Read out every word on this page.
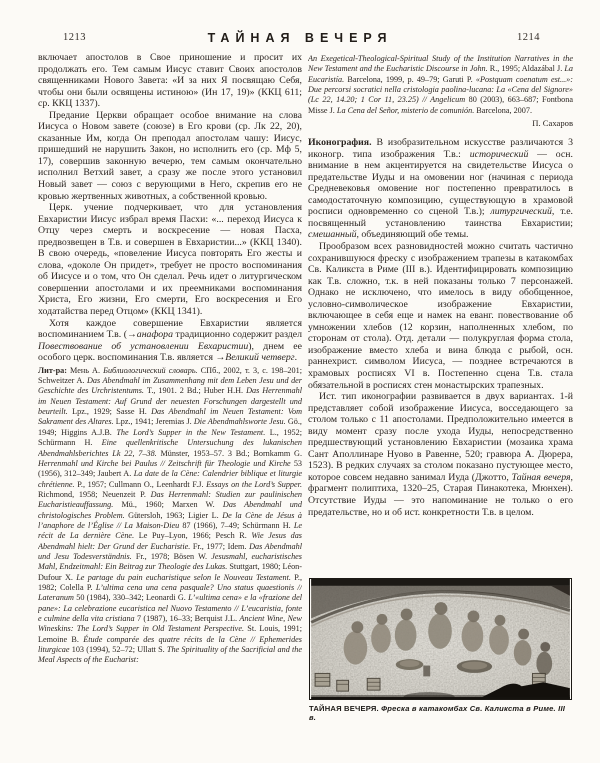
1213	ТАЙНАЯ ВЕЧЕРЯ	1214

включает апостолов в Свое приношение и просит их продолжать его. Тем самым Иисус ставит Своих апостолов священниками Нового Завета: «И за них Я посвящаю Себя, чтобы они были освящены истиною» (Ин 17, 19)» (ККЦ 611; ср. ККЦ 1337).

Предание Церкви обращает особое внимание на слова Иисуса о Новом завете (союзе) в Его крови (ср. Лк 22, 20), сказанные Им, когда Он преподал апостолам чашу: Иисус, пришедший не нарушить Закон, но исполнить его (ср. Мф 5, 17), совершив законную вечерю, тем самым окончательно исполнил Ветхий завет, а сразу же после этого установил Новый завет — союз с верующими в Него, скрепив его не кровью жертвенных животных, а собственной кровью.

Церк. учение подчеркивает, что для установления Евхаристии Иисус избрал время Пасхи: «... переход Иисуса к Отцу через смерть и воскресение — новая Пасха, предвозвещен в Т.в. и совершен в Евхаристии...» (ККЦ 1340). В свою очередь, «повеление Иисуса повторять Его жесты и слова, «доколе Он придет», требует не просто воспоминания об Иисусе и о том, что Он сделал. Речь идет о литургическом совершении апостолами и их преемниками воспоминания Христа, Его жизни, Его смерти, Его воскресения и Его ходатайства перед Отцом» (ККЦ 1341).

Хотя каждое совершение Евхаристии является воспоминанием Т.в. (→анафора традиционно содержит раздел Повествование об установлении Евхаристии), днем ее особого церк. воспоминания Т.в. является →Великий четверг.

Лит-ра: Мень А. Библиологический словарь. СПб., 2002, т. 3, с. 198–201; Schweitzer A. Das Abendmahl im Zusammenhang mit dem Leben Jesu und der Geschichte des Urchristentums. T., 1901. 2 Bd.; Huber H.H. Das Herrenmahl im Neuen Testament: Auf Grund der neuesten Forschungen dargestellt und beurteilt. Lpz., 1929; Sasse H. Das Abendmahl im Neuen Testament: Vom Sakrament des Altares. Lpz., 1941; Jeremias J. Die Abendmahlsworte Jesu. Gö., 1949; Higgins A.J.B. The Lord’s Supper in the New Testament. L., 1952; Schürmann H. Eine quellenkritische Untersuchung des lukanischen Abendmahlsberichtes Lk 22, 7–38. Münster, 1953–57. 3 Bd.; Bornkamm G. Herrenmahl und Kirche bei Paulus // Zeitschrift für Theologie und Kirche 53 (1956), 312–349; Jaubert A. La date de la Cène: Calendrier biblique et liturgie chrétienne. P., 1957; Cullmann O., Leenhardt F.J. Essays on the Lord’s Supper. Richmond, 1958; Neuenzeit P. Das Herrenmahl: Studien zur paulinischen Eucharistieauffassung. Mü., 1960; Marxen W. Das Abendmahl und christologisches Problem. Gütersloh, 1963; Ligier L. De la Cène de Jésus à l’anaphore de l’Église // La Maison-Dieu 87 (1966), 7–49; Schürmann H. Le récit de La dernière Cène. Le Puy–Lyon, 1966; Pesch R. Wie Jesus das Abendmahl hielt: Der Grund der Eucharistie. Fr., 1977; Idem. Das Abendmahl und Jesu Todesverständnis. Fr., 1978; Bösen W. Jesusmahl, eucharistisches Mahl, Endzeitmahl: Ein Beitrag zur Theologie des Lukas. Stuttgart, 1980; Léon-Dufour X. Le partage du pain eucharistique selon le Nouveau Testament. P., 1982; Colella P. L’ultima cena una cena pasquale? Uno status quaestionis // Lateranum 50 (1984), 330–342; Leonardi G. L’«ultima cena» e la «frazione del pane»: La celebrazione eucaristica nel Nuovo Testamento // L’eucaristia, fonte e culmine della vita cristiana 7 (1987), 16–33; Berquist J.L. Ancient Wine, New Wineskins: The Lord’s Supper in Old Testament Perspective. St. Louis, 1991; Lemoine B. Étude comparée des quatre récits de la Cène // Ephemerides liturgicae 103 (1994), 52–72; Ullatt S. The Spirituality of the Sacrificial and the Meal Aspects of the Eucharist:

An Exegetical-Theological-Spiritual Study of the Institution Narratives in the New Testament and the Eucharistic Discourse in John. R., 1995; Aldazábal J. La Eucaristía. Barcelona, 1999, p. 49–79; Garuti P. «Postquam coenatum est...»: Due percorsi socratici nella cristologia paolina-lucana: La «Cena del Signore» (Lc 22, 14.20; 1 Cor 11, 23.25) // Angelicum 80 (2003), 663–687; Fontbona Misse J. La Cena del Señor, misterio de comunión. Barcelona, 2007.

П. Сахаров

Иконография. В изобразительном искусстве различаются 3 иконогр. типа изображения Т.в.: исторический — осн. внимание в нем акцентируется на свидетельстве Иисуса о предательстве Иуды и на омовении ног (начиная с периода Средневековья омовение ног постепенно превратилось в самодостаточную композицию, существующую в храмовой росписи одновременно со сценой Т.в.); литургический, т.е. посвященный установлению таинства Евхаристии; смешанный, объединяющий обе темы.

Прообразом всех разновидностей можно считать частично сохранившуюся фреску с изображением трапезы в катакомбах Св. Каликста в Риме (III в.). Идентифицировать композицию как Т.в. сложно, т.к. в ней показаны только 7 персонажей. Однако не исключено, что имелось в виду обобщенное, условно-символическое изображение Евхаристии, включающее в себя еще и намек на еванг. повествование об умножении хлебов (12 корзин, наполненных хлебом, по сторонам от стола). Отд. детали — полукруглая форма стола, изображение вместо хлеба и вина блюда с рыбой, осн. раннехрист. символом Иисуса, — позднее встречаются в храмовых росписях VI в. Постепенно сцена Т.в. стала обязательной в росписях стен монастырских трапезных.

Ист. тип иконографии развивается в двух вариантах. 1-й представляет собой изображение Иисуса, восседающего за столом только с 11 апостолами. Предположительно имеется в виду момент сразу после ухода Иуды, непосредственно предшествующий установлению Евхаристии (мозаика храма Сант Аполлинаре Нуово в Равенне, 520; гравюра А. Дюрера, 1523). В редких случаях за столом показано пустующее место, которое совсем недавно занимал Иуда (Джотто, Тайная вечеря, фрагмент полиптиха, 1320–25, Старая Пинакотека, Мюнхен). Отсутствие Иуды — это напоминание не только о его предательстве, но и об ист. конкретности Т.в. в целом.

ТАЙНАЯ ВЕЧЕРЯ. Фреска в катакомбах Св. Каликста в Риме. III в.
